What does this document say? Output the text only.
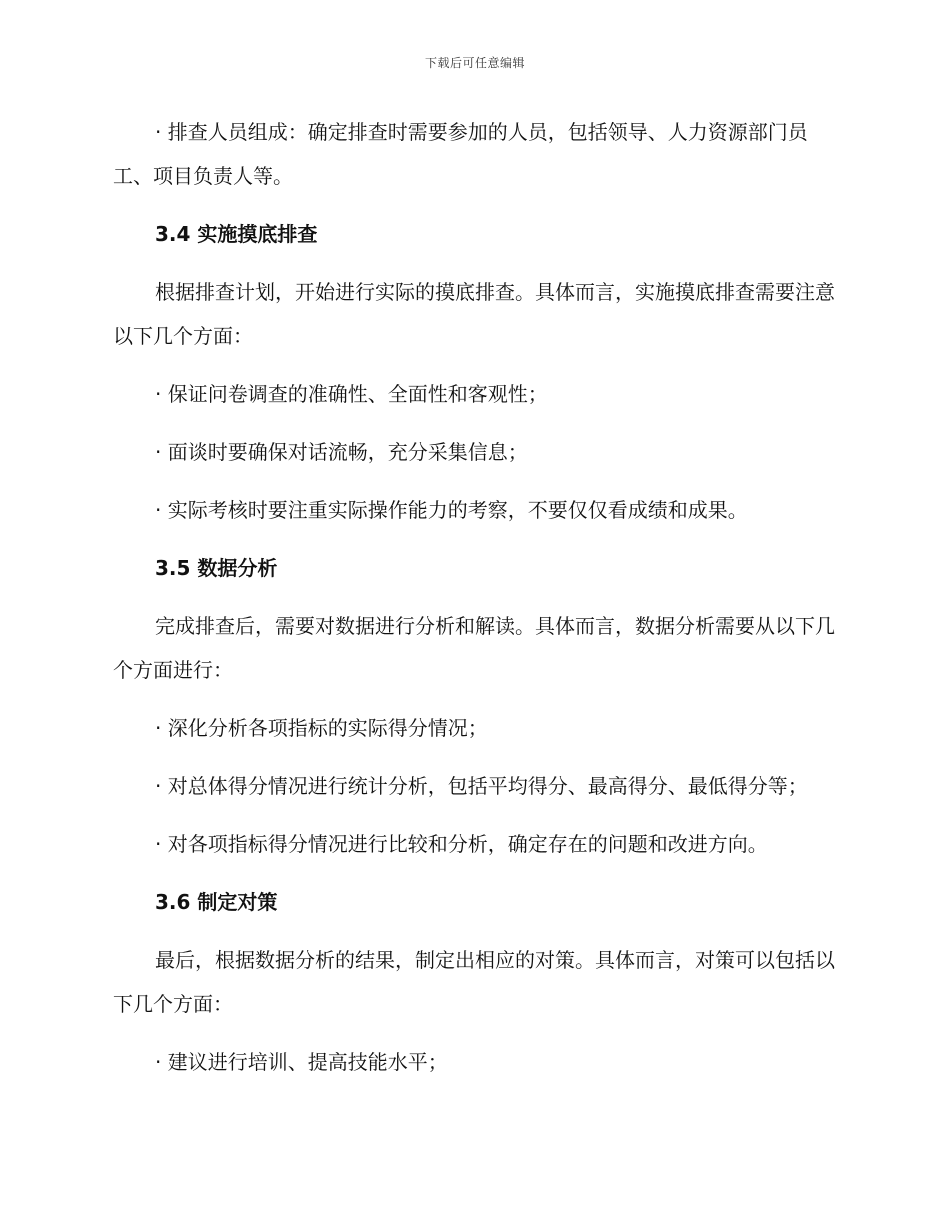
下载后可任意编辑

· 排查人员组成：确定排查时需要参加的人员，包括领导、人力资源部门员工、项目负责人等。

3.4 实施摸底排查

根据排查计划，开始进行实际的摸底排查。具体而言，实施摸底排查需要注意以下几个方面：

· 保证问卷调查的准确性、全面性和客观性；

· 面谈时要确保对话流畅，充分采集信息；

· 实际考核时要注重实际操作能力的考察，不要仅仅看成绩和成果。

3.5 数据分析

完成排查后，需要对数据进行分析和解读。具体而言，数据分析需要从以下几个方面进行：

· 深化分析各项指标的实际得分情况；

· 对总体得分情况进行统计分析，包括平均得分、最高得分、最低得分等；

· 对各项指标得分情况进行比较和分析，确定存在的问题和改进方向。

3.6 制定对策

最后，根据数据分析的结果，制定出相应的对策。具体而言，对策可以包括以下几个方面：

· 建议进行培训、提高技能水平；
